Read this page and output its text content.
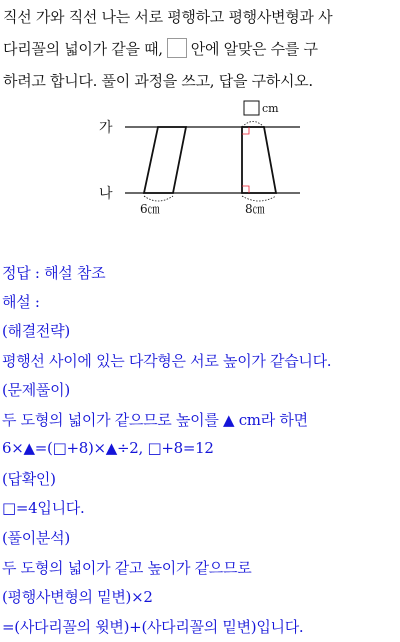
직선 가와 직선 나는 서로 평행하고 평행사변형과 사
다리꼴의 넓이가 같을 때, 안에 알맞은 수를 구
하려고 합니다. 풀이 과정을 쓰고, 답을 구하시오.
가
나
cm
6㎝	8㎝
정답 : 해설 참조
해설 :
(해결전략)
평행선 사이에 있는 다각형은 서로 높이가 같습니다.
(문제풀이)
두 도형의 넓이가 같으므로 높이를 ▲ cm라 하면
6×▲=(□+8)×▲÷2, □+8=12
(답확인)
□=4입니다.
(풀이분석)
두 도형의 넓이가 같고 높이가 같으므로
(평행사변형의 밑변)×2
=(사다리꼴의 윗변)+(사다리꼴의 밑변)입니다.
